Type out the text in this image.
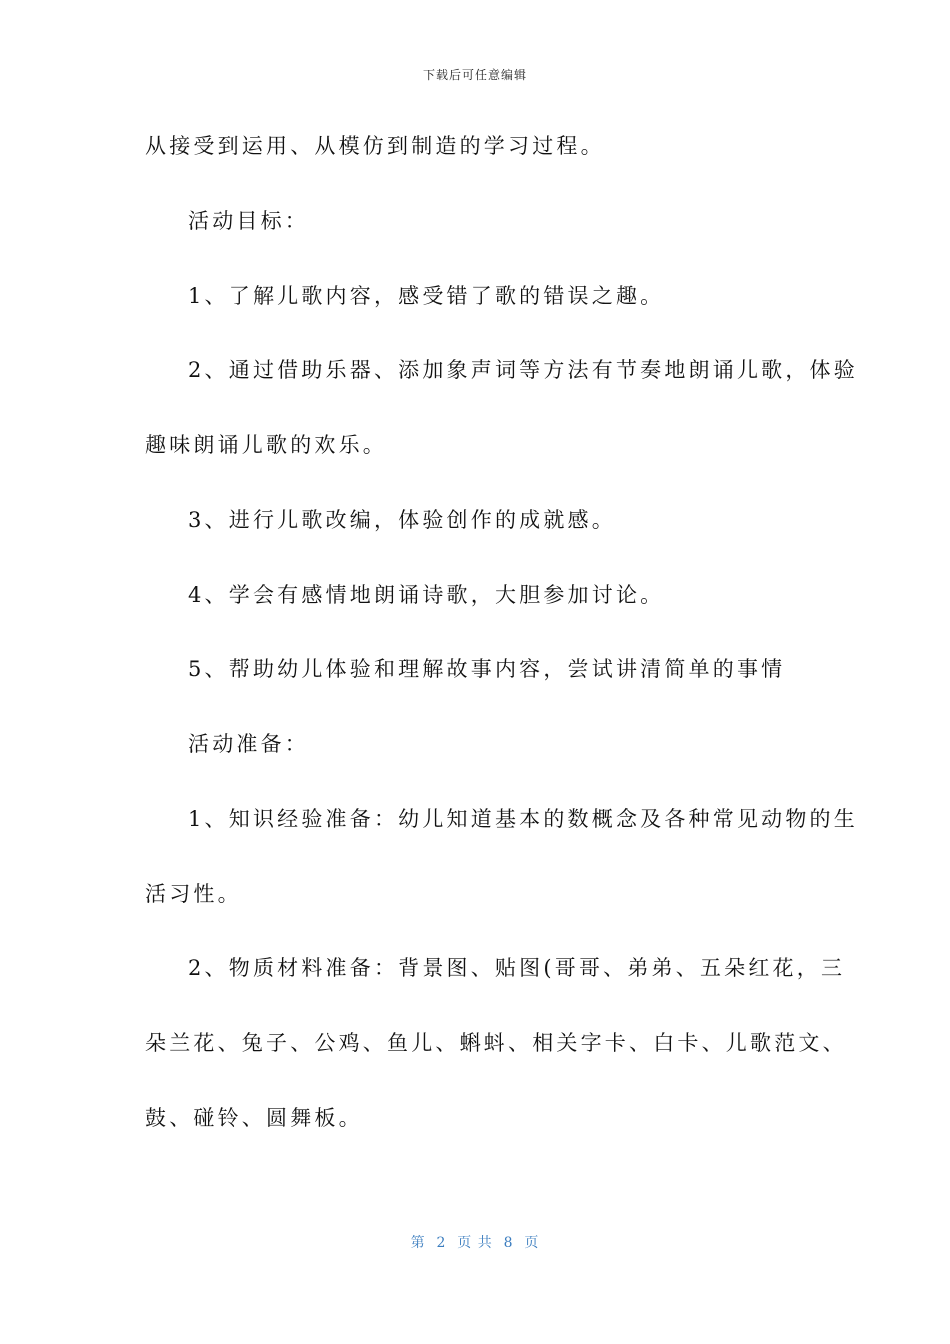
下载后可任意编辑
从接受到运用、从模仿到制造的学习过程。
活动目标：
1、了解儿歌内容，感受错了歌的错误之趣。
2、通过借助乐器、添加象声词等方法有节奏地朗诵儿歌，体验
趣味朗诵儿歌的欢乐。
3、进行儿歌改编，体验创作的成就感。
4、学会有感情地朗诵诗歌，大胆参加讨论。
5、帮助幼儿体验和理解故事内容，尝试讲清简单的事情
活动准备：
1、知识经验准备：幼儿知道基本的数概念及各种常见动物的生
活习性。
2、物质材料准备：背景图、贴图(哥哥、弟弟、五朵红花，三
朵兰花、兔子、公鸡、鱼儿、蝌蚪、相关字卡、白卡、儿歌范文、
鼓、碰铃、圆舞板。
第  2  页 共  8  页
